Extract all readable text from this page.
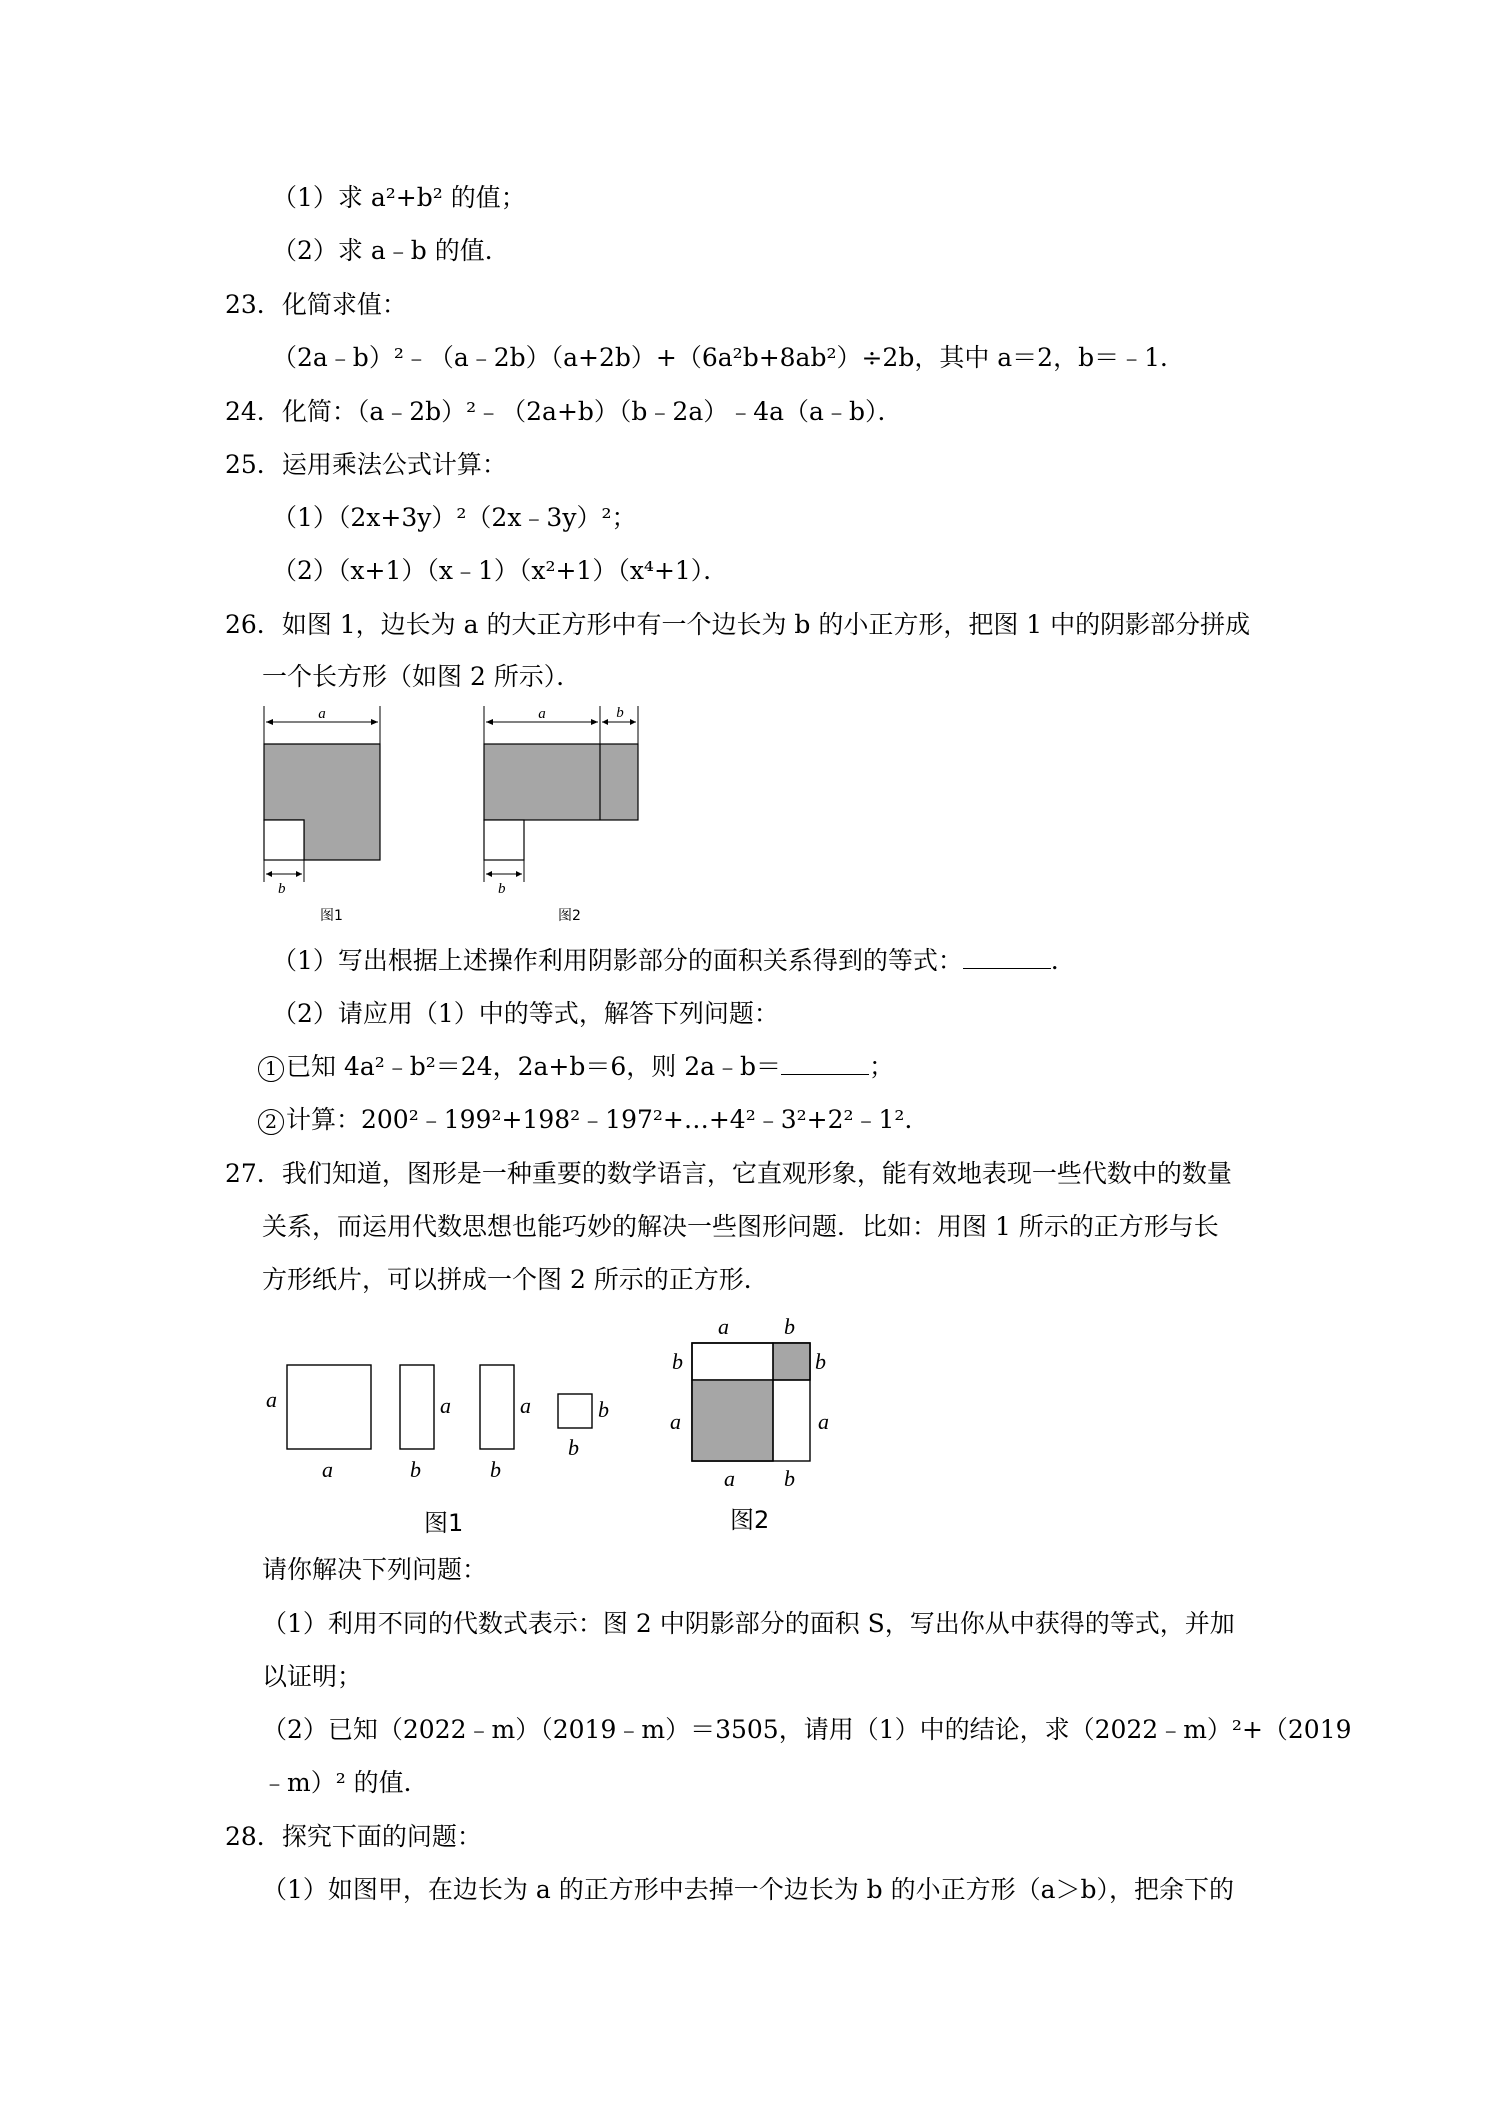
（1）求 a²+b² 的值；
（2）求 a﹣b 的值．
23．化简求值：
（2a﹣b）²﹣（a﹣2b）（a+2b）+（6a²b+8ab²）÷2b，其中 a＝2，b＝﹣1．
24．化简：（a﹣2b）²﹣（2a+b）（b﹣2a）﹣4a（a﹣b）．
25．运用乘法公式计算：
（1）（2x+3y）²（2x﹣3y）²；
（2）（x+1）（x﹣1）（x²+1）（x⁴+1）．
26．如图 1，边长为 a 的大正方形中有一个边长为 b 的小正方形，把图 1 中的阴影部分拼成
一个长方形（如图 2 所示）．
a
b
图1
a	b
b
图2
（1）写出根据上述操作利用阴影部分的面积关系得到的等式：	．
（2）请应用（1）中的等式，解答下列问题：
1 已知 4a²﹣b²＝24，2a+b＝6，则 2a﹣b＝	；
2 计算：200²﹣199²+198²﹣197²+…+4²﹣3²+2²﹣1²．
27．我们知道，图形是一种重要的数学语言，它直观形象，能有效地表现一些代数中的数量
关系，而运用代数思想也能巧妙的解决一些图形问题．比如：用图 1 所示的正方形与长
方形纸片，可以拼成一个图 2 所示的正方形．
a
a
a
b
a
b
b
b
图1
a	b
b
a
b
a
a b
图2
请你解决下列问题：
（1）利用不同的代数式表示：图 2 中阴影部分的面积 S，写出你从中获得的等式，并加
以证明；
（2）已知（2022﹣m）（2019﹣m）＝3505，请用（1）中的结论，求（2022﹣m）²+（2019
﹣m）² 的值．
28．探究下面的问题：
（1）如图甲，在边长为 a 的正方形中去掉一个边长为 b 的小正方形（a＞b），把余下的
